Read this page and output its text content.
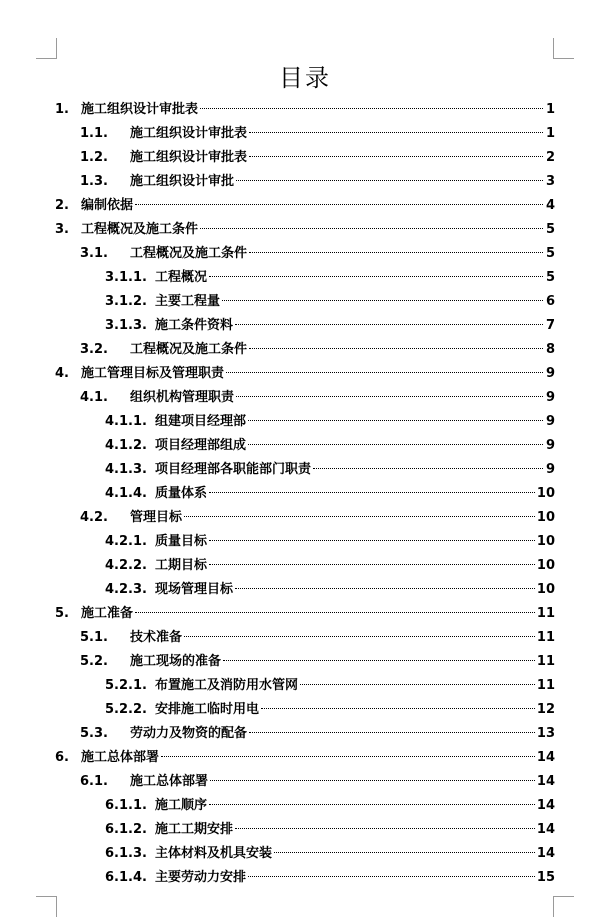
目录
1. 施工组织设计审批表	1
1.1.	施工组织设计审批表	1
1.2.	施工组织设计审批表	2
1.3.	施工组织设计审批	3
2. 编制依据	4
3. 工程概况及施工条件	5
3.1.	工程概况及施工条件	5
3.1.1. 工程概况	5
3.1.2. 主要工程量	6
3.1.3. 施工条件资料	7
3.2.	工程概况及施工条件	8
4. 施工管理目标及管理职责	9
4.1.	组织机构管理职责	9
4.1.1. 组建项目经理部	9
4.1.2. 项目经理部组成	9
4.1.3. 项目经理部各职能部门职责	9
4.1.4. 质量体系	10
4.2.	管理目标	10
4.2.1. 质量目标	10
4.2.2. 工期目标	10
4.2.3. 现场管理目标	10
5. 施工准备	11
5.1.	技术准备	11
5.2.	施工现场的准备	11
5.2.1. 布置施工及消防用水管网	11
5.2.2. 安排施工临时用电	12
5.3.	劳动力及物资的配备	13
6. 施工总体部署	14
6.1.	施工总体部署	14
6.1.1. 施工顺序	14
6.1.2. 施工工期安排	14
6.1.3. 主体材料及机具安装	14
6.1.4. 主要劳动力安排	15
